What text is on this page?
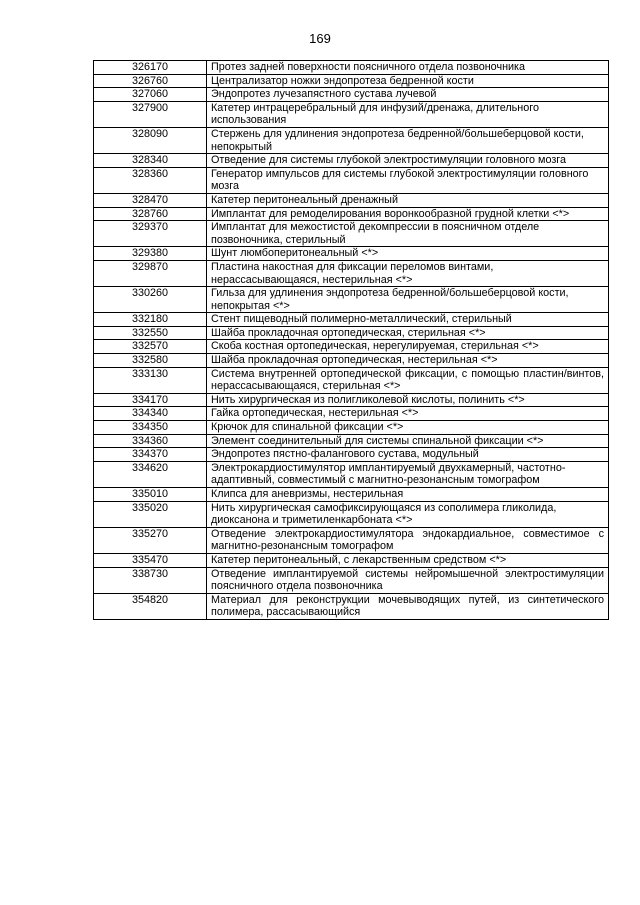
169
326170	Протез задней поверхности поясничного отдела позвоночника
326760	Централизатор ножки эндопротеза бедренной кости
327060	Эндопротез лучезапястного сустава лучевой
327900	Катетер интрацеребральный для инфузий/дренажа, длительного использования
328090	Стержень для удлинения эндопротеза бедренной/большеберцовой кости, непокрытый
328340	Отведение для системы глубокой электростимуляции головного мозга
328360	Генератор импульсов для системы глубокой электростимуляции головного мозга
328470	Катетер перитонеальный дренажный
328760	Имплантат для ремоделирования воронкообразной грудной клетки <*>
329370	Имплантат для межостистой декомпрессии в поясничном отделе позвоночника, стерильный
329380	Шунт люмбоперитонеальный <*>
329870	Пластина накостная для фиксации переломов винтами, нерассасывающаяся, нестерильная <*>
330260	Гильза для удлинения эндопротеза бедренной/большеберцовой кости, непокрытая <*>
332180	Стент пищеводный полимерно-металлический, стерильный
332550	Шайба прокладочная ортопедическая, стерильная <*>
332570	Скоба костная ортопедическая, нерегулируемая, стерильная <*>
332580	Шайба прокладочная ортопедическая, нестерильная <*>
333130	Система внутренней ортопедической фиксации, с помощью пластин/винтов, нерассасывающаяся, стерильная <*>
334170	Нить хирургическая из полигликолевой кислоты, полинить <*>
334340	Гайка ортопедическая, нестерильная <*>
334350	Крючок для спинальной фиксации <*>
334360	Элемент соединительный для системы спинальной фиксации <*>
334370	Эндопротез пястно-фалангового сустава, модульный
334620	Электрокардиостимулятор имплантируемый двухкамерный, частотно-адаптивный, совместимый с магнитно-резонансным томографом
335010	Клипса для аневризмы, нестерильная
335020	Нить хирургическая самофиксирующаяся из сополимера гликолида, диоксанона и триметиленкарбоната <*>
335270	Отведение электрокардиостимулятора эндокардиальное, совместимое с магнитно-резонансным томографом
335470	Катетер перитонеальный, с лекарственным средством <*>
338730	Отведение имплантируемой системы нейромышечной электростимуляции поясничного отдела позвоночника
354820	Материал для реконструкции мочевыводящих путей, из синтетического полимера, рассасывающийся
